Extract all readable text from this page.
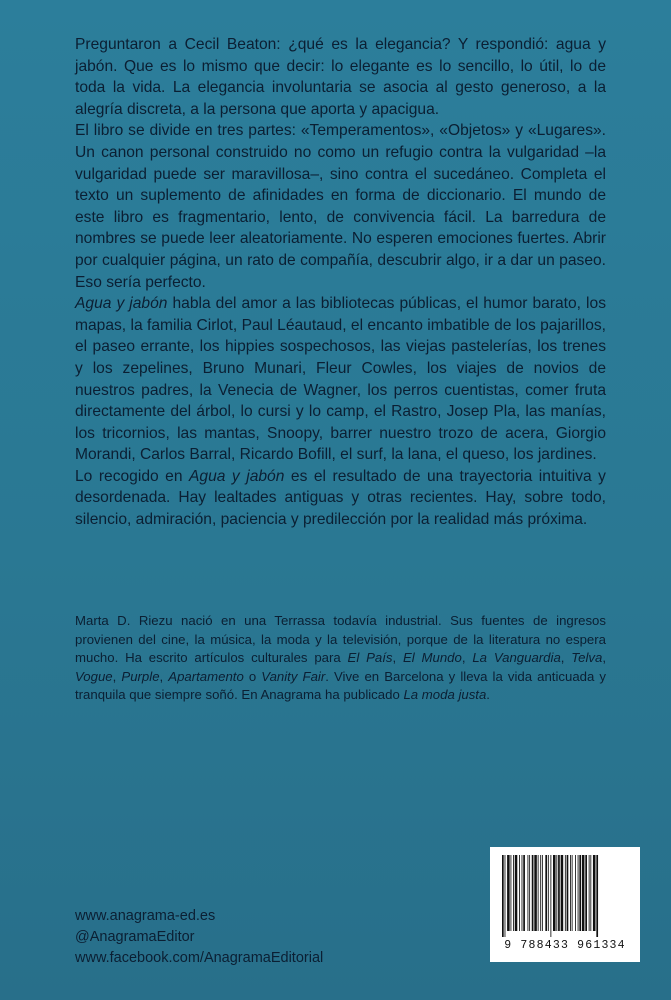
Preguntaron a Cecil Beaton: ¿qué es la elegancia? Y respondió: agua y jabón. Que es lo mismo que decir: lo elegante es lo sencillo, lo útil, lo de toda la vida. La elegancia involuntaria se asocia al gesto generoso, a la alegría discreta, a la persona que aporta y apacigua.

El libro se divide en tres partes: «Temperamentos», «Objetos» y «Lugares». Un canon personal construido no como un refugio contra la vulgaridad –la vulgaridad puede ser maravillosa–, sino contra el sucedáneo. Completa el texto un suplemento de afinidades en forma de diccionario. El mundo de este libro es fragmentario, lento, de convivencia fácil. La barredura de nombres se puede leer aleatoriamente. No esperen emociones fuertes. Abrir por cualquier página, un rato de compañía, descubrir algo, ir a dar un paseo. Eso sería perfecto.

Agua y jabón habla del amor a las bibliotecas públicas, el humor barato, los mapas, la familia Cirlot, Paul Léautaud, el encanto imbatible de los pajarillos, el paseo errante, los hippies sospechosos, las viejas pastelerías, los trenes y los zepelines, Bruno Munari, Fleur Cowles, los viajes de novios de nuestros padres, la Venecia de Wagner, los perros cuentistas, comer fruta directamente del árbol, lo cursi y lo camp, el Rastro, Josep Pla, las manías, los tricornios, las mantas, Snoopy, barrer nuestro trozo de acera, Giorgio Morandi, Carlos Barral, Ricardo Bofill, el surf, la lana, el queso, los jardines.

Lo recogido en Agua y jabón es el resultado de una trayectoria intuitiva y desordenada. Hay lealtades antiguas y otras recientes. Hay, sobre todo, silencio, admiración, paciencia y predilección por la realidad más próxima.

Marta D. Riezu nació en una Terrassa todavía industrial. Sus fuentes de ingresos provienen del cine, la música, la moda y la televisión, porque de la literatura no espera mucho. Ha escrito artículos culturales para El País, El Mundo, La Vanguardia, Telva, Vogue, Purple, Apartamento o Vanity Fair. Vive en Barcelona y lleva la vida anticuada y tranquila que siempre soñó. En Anagrama ha publicado La moda justa.

www.anagrama-ed.es
@AnagramaEditor
www.facebook.com/AnagramaEditorial
9 788433 961334
